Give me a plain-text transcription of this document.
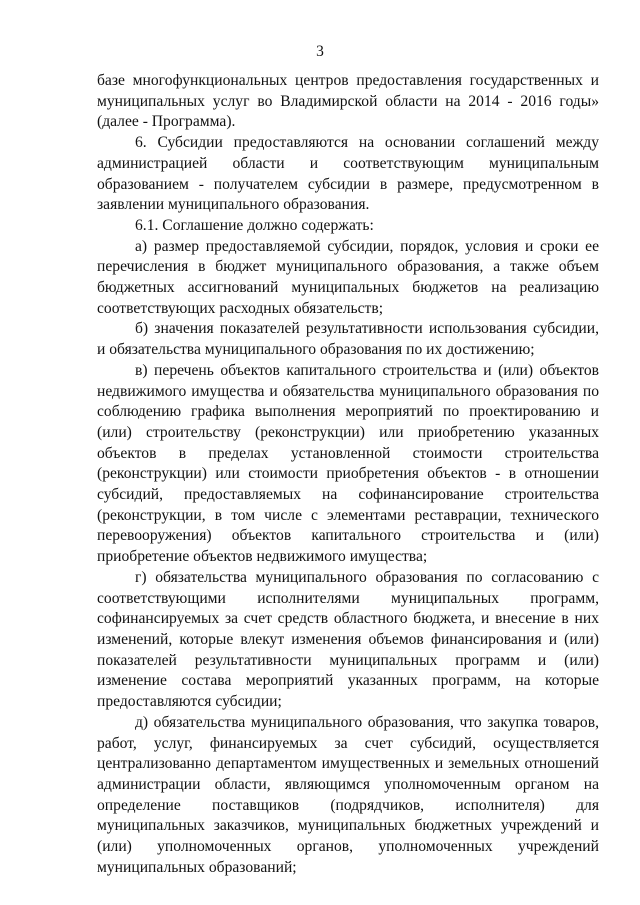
3

базе многофункциональных центров предоставления государственных и муниципальных услуг во Владимирской области на 2014 - 2016 годы» (далее - Программа).

6. Субсидии предоставляются на основании соглашений между администрацией области и соответствующим муниципальным образованием - получателем субсидии в размере, предусмотренном в заявлении муниципального образования.

6.1. Соглашение должно содержать:

а) размер предоставляемой субсидии, порядок, условия и сроки ее перечисления в бюджет муниципального образования, а также объем бюджетных ассигнований муниципальных бюджетов на реализацию соответствующих расходных обязательств;

б) значения показателей результативности использования субсидии, и обязательства муниципального образования по их достижению;

в) перечень объектов капитального строительства и (или) объектов недвижимого имущества и обязательства муниципального образования по соблюдению графика выполнения мероприятий по проектированию и (или) строительству (реконструкции) или приобретению указанных объектов в пределах установленной стоимости строительства (реконструкции) или стоимости приобретения объектов - в отношении субсидий, предоставляемых на софинансирование строительства (реконструкции, в том числе с элементами реставрации, технического перевооружения) объектов капитального строительства и (или) приобретение объектов недвижимого имущества;

г) обязательства муниципального образования по согласованию с соответствующими исполнителями муниципальных программ, софинансируемых за счет средств областного бюджета, и внесение в них изменений, которые влекут изменения объемов финансирования и (или) показателей результативности муниципальных программ и (или) изменение состава мероприятий указанных программ, на которые предоставляются субсидии;

д) обязательства муниципального образования, что закупка товаров, работ, услуг, финансируемых за счет субсидий, осуществляется централизованно департаментом имущественных и земельных отношений администрации области, являющимся уполномоченным органом на определение поставщиков (подрядчиков, исполнителя) для муниципальных заказчиков, муниципальных бюджетных учреждений и (или) уполномоченных органов, уполномоченных учреждений муниципальных образований;
